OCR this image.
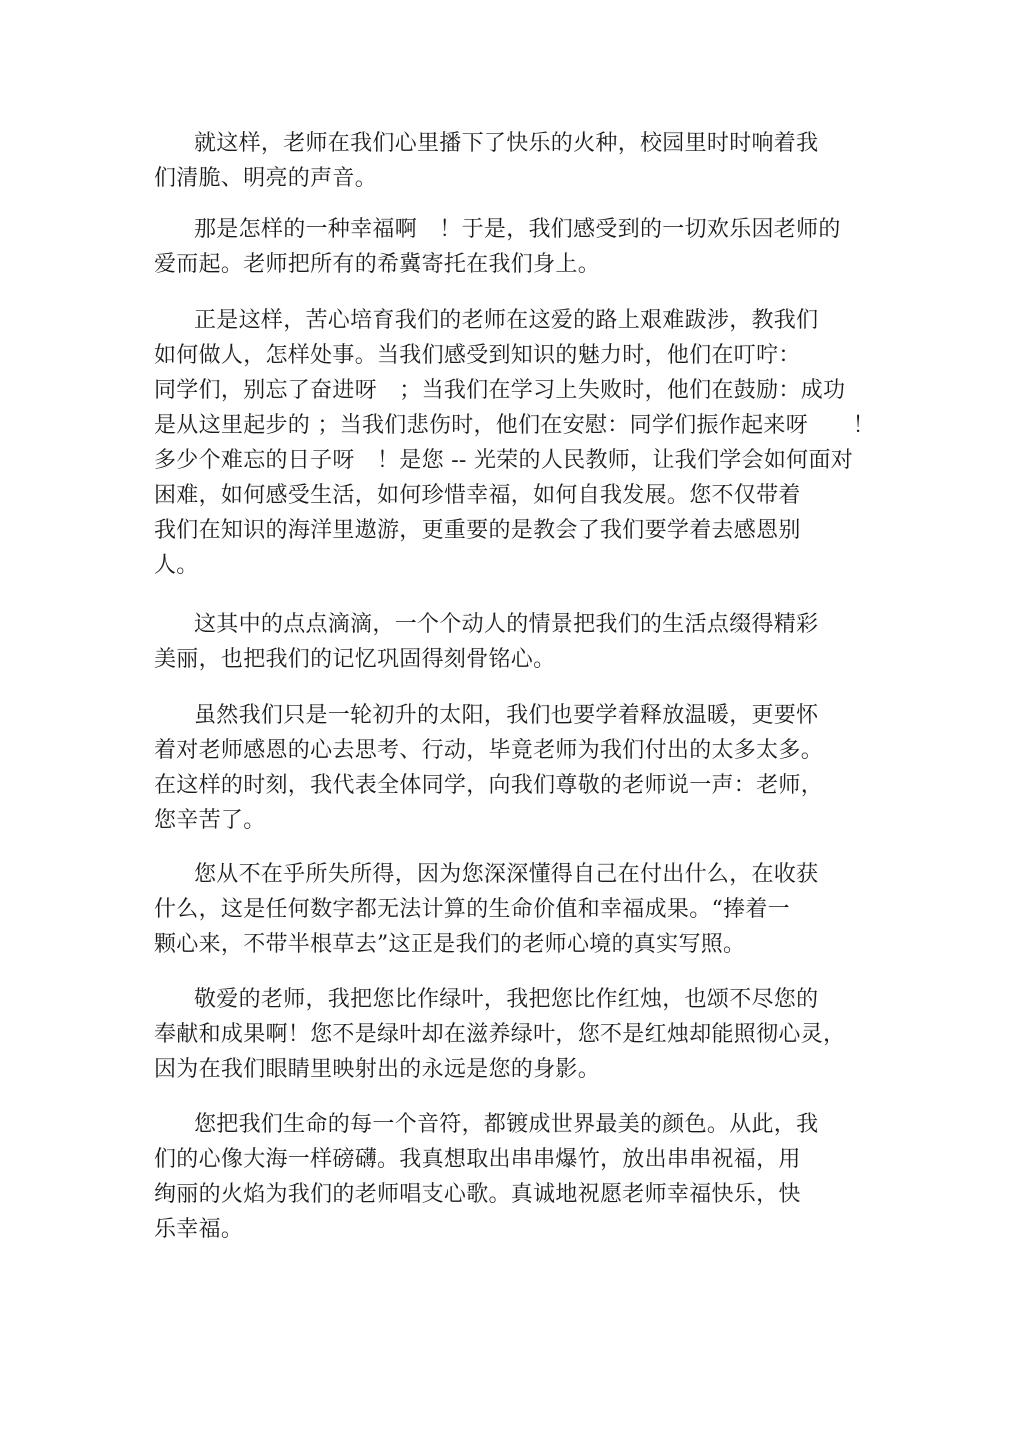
就这样，老师在我们心里播下了快乐的火种，校园里时时响着我
们清脆、明亮的声音。
那是怎样的一种幸福啊　！于是，我们感受到的一切欢乐因老师的
爱而起。老师把所有的希冀寄托在我们身上。
正是这样，苦心培育我们的老师在这爱的路上艰难跋涉，教我们
如何做人，怎样处事。当我们感受到知识的魅力时，他们在叮咛：
同学们，别忘了奋进呀　；当我们在学习上失败时，他们在鼓励：成功
是从这里起步的 ；当我们悲伤时，他们在安慰：同学们振作起来呀　　！
多少个难忘的日子呀　！是您 -- 光荣的人民教师，让我们学会如何面对
困难，如何感受生活，如何珍惜幸福，如何自我发展。您不仅带着
我们在知识的海洋里遨游，更重要的是教会了我们要学着去感恩别
人。
这其中的点点滴滴，一个个动人的情景把我们的生活点缀得精彩
美丽，也把我们的记忆巩固得刻骨铭心。
虽然我们只是一轮初升的太阳，我们也要学着释放温暖，更要怀
着对老师感恩的心去思考、行动，毕竟老师为我们付出的太多太多。
在这样的时刻，我代表全体同学，向我们尊敬的老师说一声：老师，
您辛苦了。
您从不在乎所失所得，因为您深深懂得自己在付出什么，在收获
什么，这是任何数字都无法计算的生命价值和幸福成果。“捧着一
颗心来，不带半根草去”这正是我们的老师心境的真实写照。
敬爱的老师，我把您比作绿叶，我把您比作红烛，也颂不尽您的
奉献和成果啊！您不是绿叶却在滋养绿叶，您不是红烛却能照彻心灵，
因为在我们眼睛里映射出的永远是您的身影。
您把我们生命的每一个音符，都镀成世界最美的颜色。从此，我
们的心像大海一样磅礴。我真想取出串串爆竹，放出串串祝福，用
绚丽的火焰为我们的老师唱支心歌。真诚地祝愿老师幸福快乐，快
乐幸福。
